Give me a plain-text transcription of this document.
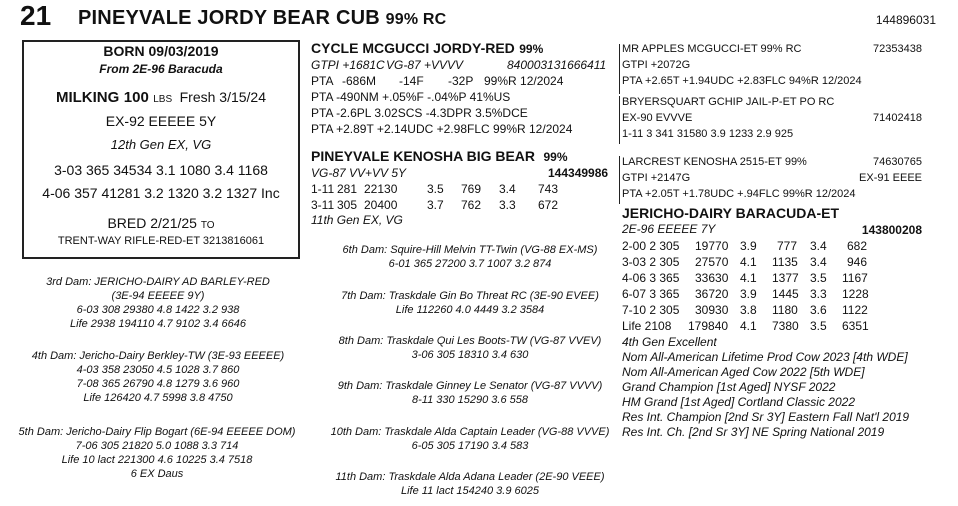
21 PINEYVALE JORDY BEAR CUB 99% RC	144896031
BORN 09/03/2019
From 2E-96 Baracuda
MILKING 100 LBS Fresh 3/15/24
EX-92 EEEEE 5Y
12th Gen EX, VG
3-03 365 34534 3.1 1080 3.4 1168
4-06 357 41281 3.2 1320 3.2 1327 Inc
BRED 2/21/25 TO
TRENT-WAY RIFLE-RED-ET 3213816061
3rd Dam: JERICHO-DAIRY AD BARLEY-RED
(3E-94 EEEEE 9Y)
6-03 308 29380 4.8 1422 3.2 938
Life 2938 194110 4.7 9102 3.4 6646
4th Dam: Jericho-Dairy Berkley-TW (3E-93 EEEEE)
4-03 358 23050 4.5 1028 3.7 860
7-08 365 26790 4.8 1279 3.6 960
Life 126420 4.7 5998 3.8 4750
5th Dam: Jericho-Dairy Flip Bogart (6E-94 EEEEE DOM)
7-06 305 21820 5.0 1088 3.3 714
Life 10 lact 221300 4.6 10225 3.4 7518
6 EX Daus
CYCLE MCGUCCI JORDY-RED 99%
GTPI +1681C VG-87 +VVVV	840003131666411
PTA -686M -14F -32P 99%R 12/2024
PTA -490NM +.05%F -.04%P 41%US
PTA -2.6PL 3.02SCS -4.3DPR 3.5%DCE
PTA +2.89T +2.14UDC +2.98FLC 99%R 12/2024
PINEYVALE KENOSHA BIG BEAR 99%
VG-87 VV+VV 5Y	144349986
1-11 281 22130 3.5 769 3.4 743
3-11 305 20400 3.7 762 3.3 672
11th Gen EX, VG
6th Dam: Squire-Hill Melvin TT-Twin (VG-88 EX-MS)
6-01 365 27200 3.7 1007 3.2 874
7th Dam: Traskdale Gin Bo Threat RC (3E-90 EVEE)
Life 112260 4.0 4449 3.2 3584
8th Dam: Traskdale Qui Les Boots-TW (VG-87 VVEV)
3-06 305 18310 3.4 630
9th Dam: Traskdale Ginney Le Senator (VG-87 VVVV)
8-11 330 15290 3.6 558
10th Dam: Traskdale Alda Captain Leader (VG-88 VVVE)
6-05 305 17190 3.4 583
11th Dam: Traskdale Alda Adana Leader (2E-90 VEEE)
Life 11 lact 154240 3.9 6025
MR APPLES MCGUCCI-ET 99% RC	72353438
GTPI +2072G
PTA +2.65T +1.94UDC +2.83FLC 94%R 12/2024
BRYERSQUART GCHIP JAIL-P-ET PO RC
EX-90 EVVVE	71402418
1-11 3 341 31580 3.9 1233 2.9 925
LARCREST KENOSHA 2515-ET 99%	74630765
GTPI +2147G	EX-91 EEEE
PTA +2.05T +1.78UDC +.94FLC 99%R 12/2024
JERICHO-DAIRY BARACUDA-ET
2E-96 EEEEE 7Y	143800208
2-00 2 305 19770 3.9 777 3.4 682
3-03 2 305 27570 4.1 1135 3.4 946
4-06 3 365 33630 4.1 1377 3.5 1167
6-07 3 365 36720 3.9 1445 3.3 1228
7-10 2 305 30930 3.8 1180 3.6 1122
Life 2108 179840 4.1 7380 3.5 6351
4th Gen Excellent
Nom All-American Lifetime Prod Cow 2023 [4th WDE]
Nom All-American Aged Cow 2022 [5th WDE]
Grand Champion [1st Aged] NYSF 2022
HM Grand [1st Aged] Cortland Classic 2022
Res Int. Champion [2nd Sr 3Y] Eastern Fall Nat'l 2019
Res Int. Ch. [2nd Sr 3Y] NE Spring National 2019
